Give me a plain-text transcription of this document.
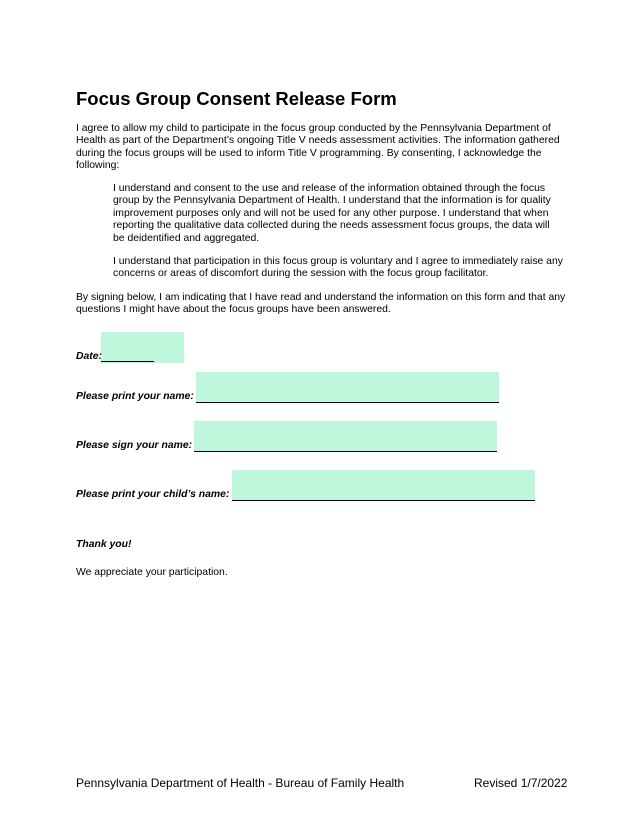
Focus Group Consent Release Form
I agree to allow my child to participate in the focus group conducted by the Pennsylvania Department of Health as part of the Department’s ongoing Title V needs assessment activities. The information gathered during the focus groups will be used to inform Title V programming. By consenting, I acknowledge the following:
I understand and consent to the use and release of the information obtained through the focus group by the Pennsylvania Department of Health. I understand that the information is for quality improvement purposes only and will not be used for any other purpose. I understand that when reporting the qualitative data collected during the needs assessment focus groups, the data will be deidentified and aggregated.
I understand that participation in this focus group is voluntary and I agree to immediately raise any concerns or areas of discomfort during the session with the focus group facilitator.
By signing below, I am indicating that I have read and understand the information on this form and that any questions I might have about the focus groups have been answered.
Date:
Please print your name:
Please sign your name:
Please print your child’s name:
Thank you!
We appreciate your participation.
Pennsylvania Department of Health - Bureau of Family Health	Revised 1/7/2022
